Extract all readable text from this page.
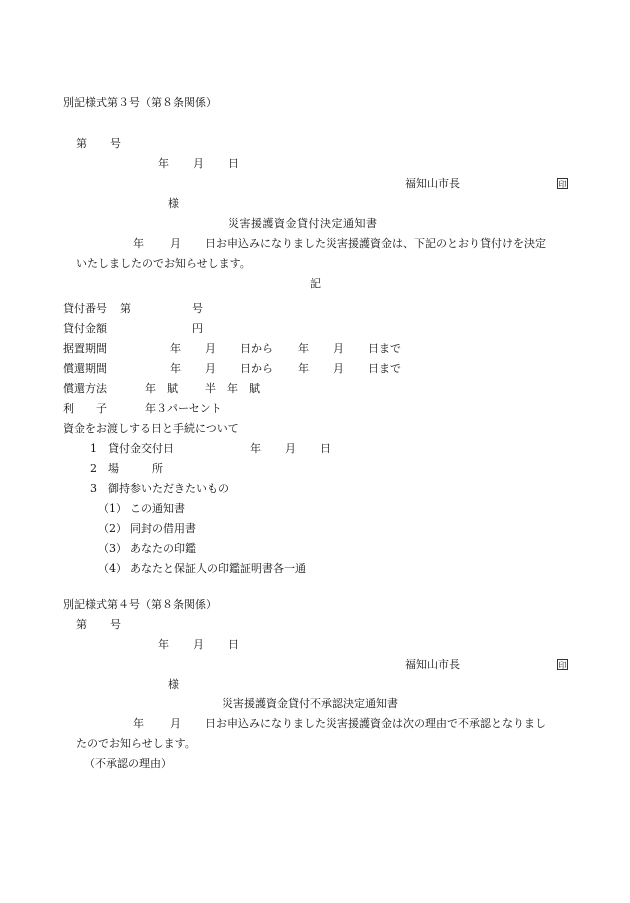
別記様式第３号（第８条関係）
第 号
年 月 日
福知山市長	印
様
災害援護資金貸付決定通知書
年 月 日お申込みになりました災害援護資金は、下記のとおり貸付けを決定
いたしましたのでお知らせします。
記
貸付番号 第	号
貸付金額	円
据置期間	年 月 日から 年 月 日まで
償還期間	年 月 日から 年 月 日まで
償還方法	年　賦 半　年　賦
利　　子	年３パーセント
資金をお渡しする日と手続について
1 貸付金交付日	年 月 日
2 場　　　所
3 御持参いただきたいもの
（1） この通知書
（2） 同封の借用書
（3） あなたの印鑑
（4） あなたと保証人の印鑑証明書各一通
別記様式第４号（第８条関係）
第 号
年 月 日
福知山市長	印
様
災害援護資金貸付不承認決定通知書
年 月 日お申込みになりました災害援護資金は次の理由で不承認となりまし
たのでお知らせします。
（不承認の理由）
